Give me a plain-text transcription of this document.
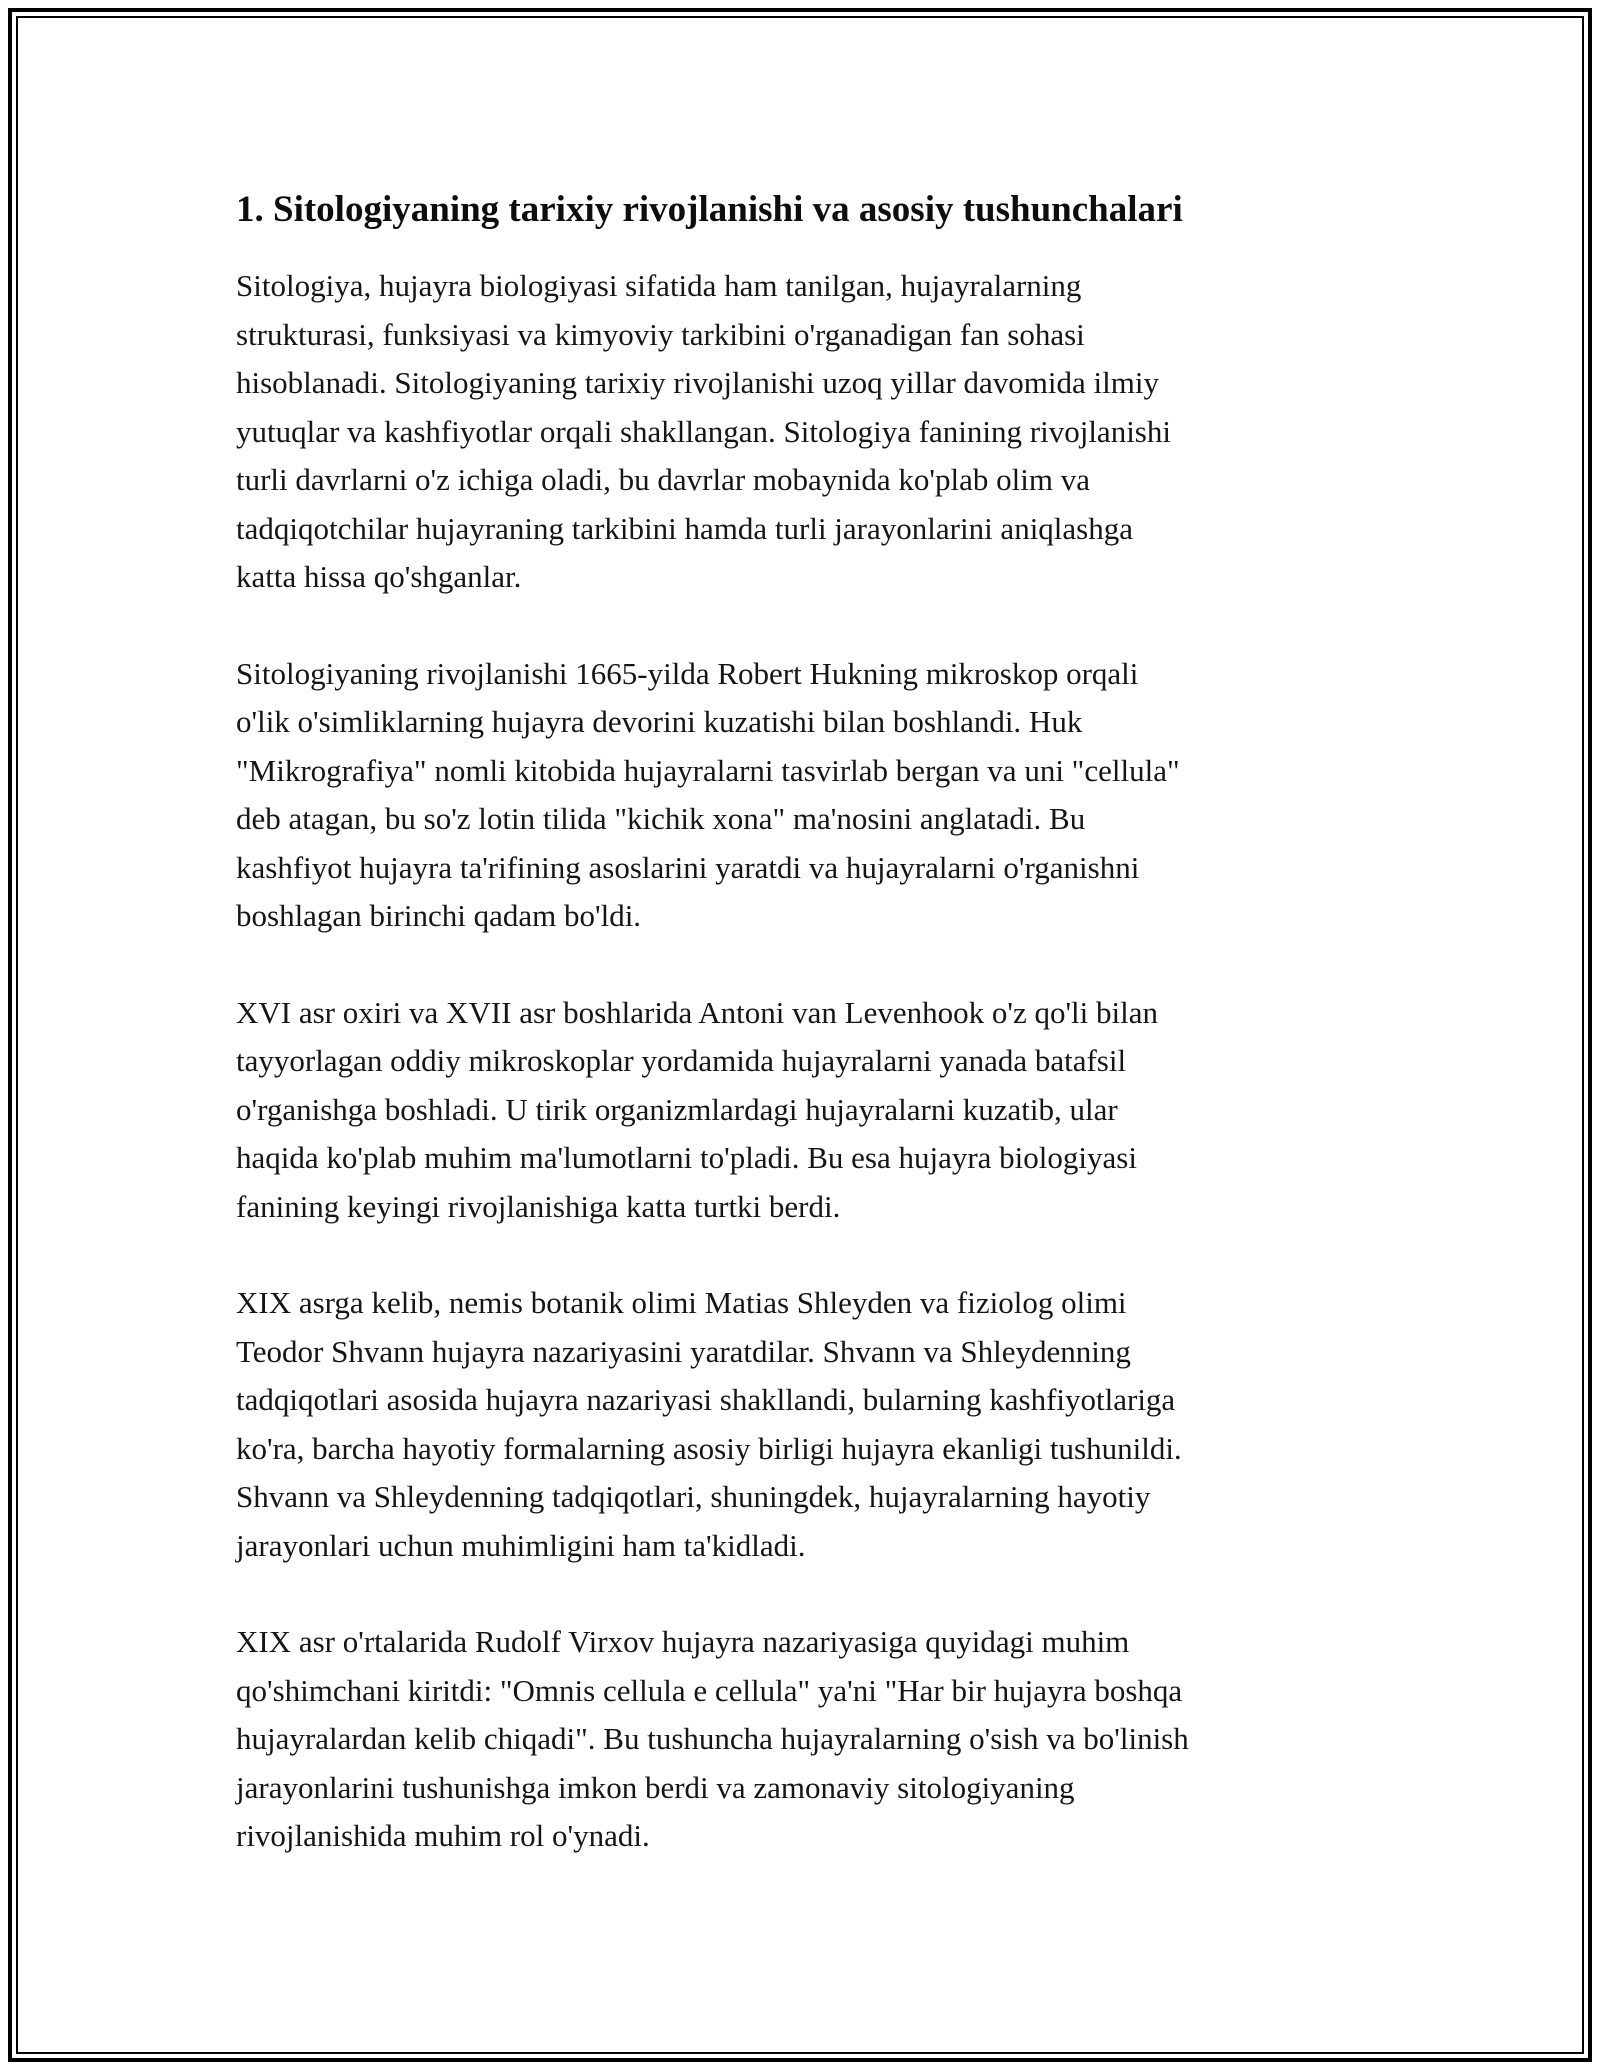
1. Sitologiyaning tarixiy rivojlanishi va asosiy tushunchalari

Sitologiya, hujayra biologiyasi sifatida ham tanilgan, hujayralarning
strukturasi, funksiyasi va kimyoviy tarkibini o'rganadigan fan sohasi
hisoblanadi. Sitologiyaning tarixiy rivojlanishi uzoq yillar davomida ilmiy
yutuqlar va kashfiyotlar orqali shakllangan. Sitologiya fanining rivojlanishi
turli davrlarni o'z ichiga oladi, bu davrlar mobaynida ko'plab olim va
tadqiqotchilar hujayraning tarkibini hamda turli jarayonlarini aniqlashga
katta hissa qo'shganlar.

Sitologiyaning rivojlanishi 1665-yilda Robert Hukning mikroskop orqali
o'lik o'simliklarning hujayra devorini kuzatishi bilan boshlandi. Huk
"Mikrografiya" nomli kitobida hujayralarni tasvirlab bergan va uni "cellula"
deb atagan, bu so'z lotin tilida "kichik xona" ma'nosini anglatadi. Bu
kashfiyot hujayra ta'rifining asoslarini yaratdi va hujayralarni o'rganishni
boshlagan birinchi qadam bo'ldi.

XVI asr oxiri va XVII asr boshlarida Antoni van Levenhook o'z qo'li bilan
tayyorlagan oddiy mikroskoplar yordamida hujayralarni yanada batafsil
o'rganishga boshladi. U tirik organizmlardagi hujayralarni kuzatib, ular
haqida ko'plab muhim ma'lumotlarni to'pladi. Bu esa hujayra biologiyasi
fanining keyingi rivojlanishiga katta turtki berdi.

XIX asrga kelib, nemis botanik olimi Matias Shleyden va fiziolog olimi
Teodor Shvann hujayra nazariyasini yaratdilar. Shvann va Shleydenning
tadqiqotlari asosida hujayra nazariyasi shakllandi, bularning kashfiyotlariga
ko'ra, barcha hayotiy formalarning asosiy birligi hujayra ekanligi tushunildi.
Shvann va Shleydenning tadqiqotlari, shuningdek, hujayralarning hayotiy
jarayonlari uchun muhimligini ham ta'kidladi.

XIX asr o'rtalarida Rudolf Virxov hujayra nazariyasiga quyidagi muhim
qo'shimchani kiritdi: "Omnis cellula e cellula" ya'ni "Har bir hujayra boshqa
hujayralardan kelib chiqadi". Bu tushuncha hujayralarning o'sish va bo'linish
jarayonlarini tushunishga imkon berdi va zamonaviy sitologiyaning
rivojlanishida muhim rol o'ynadi.
